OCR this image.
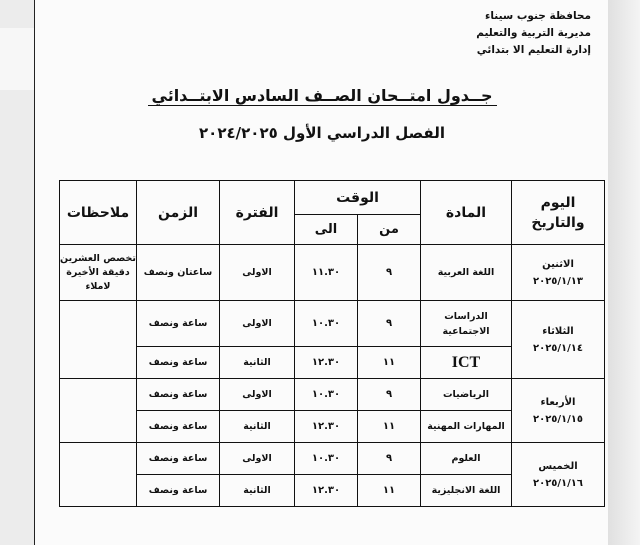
محافظة جنوب سيناء
مديرية التربية والتعليم
إدارة التعليم الا بتدائي
جــدول امتــحان الصــف السادس الابتــدائي
الفصل الدراسي الأول ٢٠٢٤/٢٠٢٥
اليوم
والتاريخ	المادة	الوقت		الفترة	الزمن	ملاحظات
		من	الى			

الاثنين
٢٠٢٥/١/١٣	اللغة العربية	٩	١١.٣٠	الاولى	ساعتان ونصف	تخصص العشرين دقيقة الأخيرة لاملاء

الثلاثاء
٢٠٢٥/١/١٤	الدراسات الاجتماعية	٩	١٠.٣٠	الاولى	ساعة ونصف	
	ICT	١١	١٢.٣٠	الثانية	ساعة ونصف	

الأربعاء
٢٠٢٥/١/١٥	الرياضيات	٩	١٠.٣٠	الاولى	ساعة ونصف	
	المهارات المهنية	١١	١٢.٣٠	الثانية	ساعة ونصف	

الخميس
٢٠٢٥/١/١٦	العلوم	٩	١٠.٣٠	الاولى	ساعة ونصف	
	اللغة الانجليزية	١١	١٢.٣٠	الثانية	ساعة ونصف	
